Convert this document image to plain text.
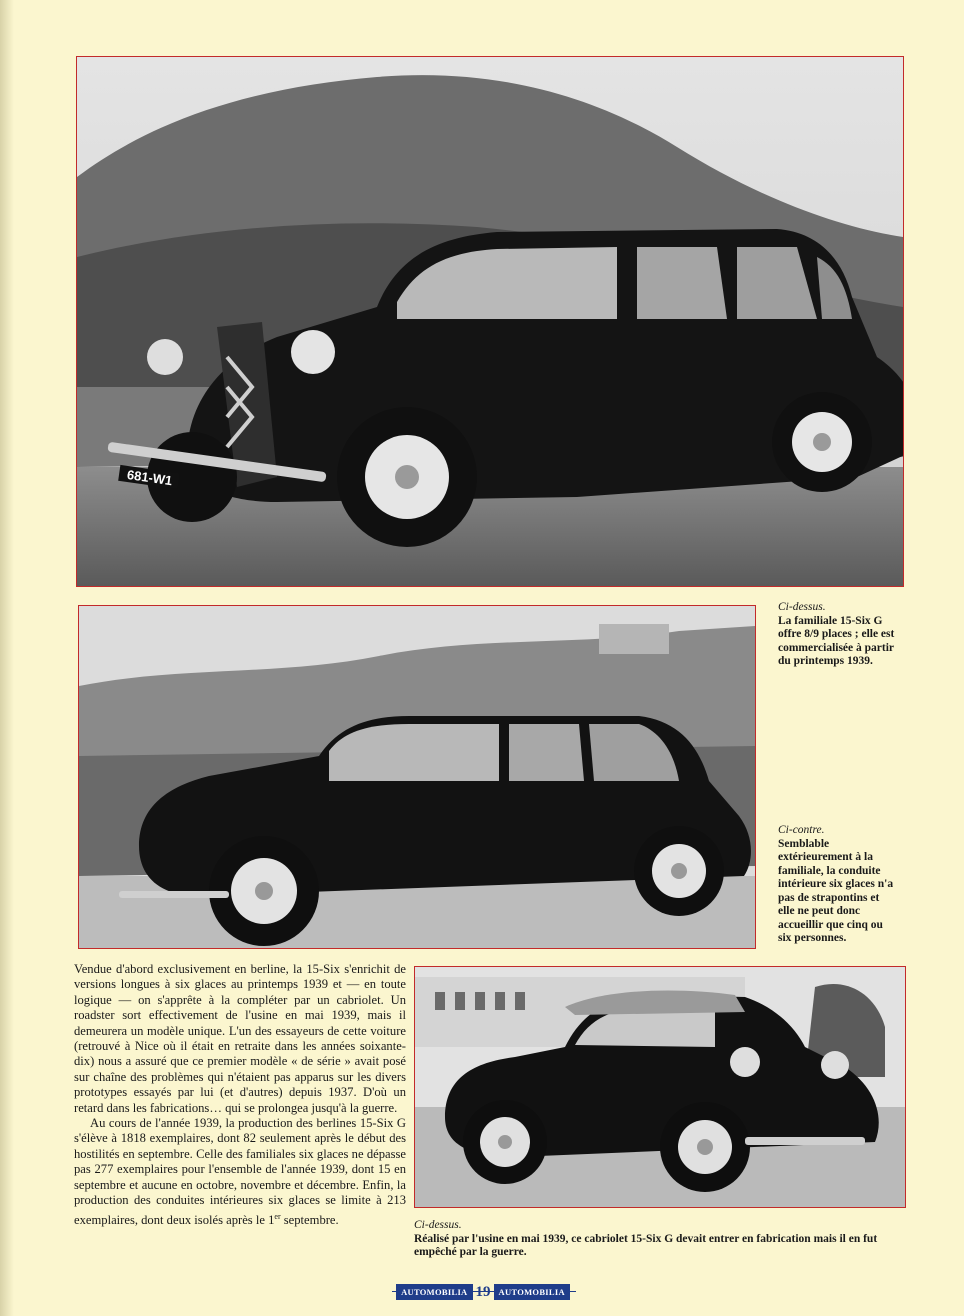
681-W1
Ci-dessus.
La familiale 15-Six G offre 8/9 places ; elle est commercialisée à partir du printemps 1939.
Ci-contre.
Semblable extérieurement à la familiale, la conduite intérieure six glaces n'a pas de strapontins et elle ne peut donc accueillir que cinq ou six personnes.
Ci-dessus.
Réalisé par l'usine en mai 1939, ce cabriolet 15-Six G devait entrer en fabrication mais il en fut empêché par la guerre.

Vendue d'abord exclusivement en berline, la 15-Six s'enrichit de versions longues à six glaces au printemps 1939 et — en toute logique — on s'apprête à la compléter par un cabriolet. Un roadster sort effectivement de l'usine en mai 1939, mais il demeurera un modèle unique. L'un des essayeurs de cette voiture (retrouvé à Nice où il était en retraite dans les années soixante-dix) nous a assuré que ce premier modèle « de série » avait posé sur chaîne des problèmes qui n'étaient pas apparus sur les divers prototypes essayés par lui (et d'autres) depuis 1937. D'où un retard dans les fabrications… qui se prolongea jusqu'à la guerre.

Au cours de l'année 1939, la production des berlines 15-Six G s'élève à 1818 exemplaires, dont 82 seulement après le début des hostilités en septembre. Celle des familiales six glaces ne dépasse pas 277 exemplaires pour l'ensemble de l'année 1939, dont 15 en septembre et aucune en octobre, novembre et décembre. Enfin, la production des conduites intérieures six glaces se limite à 213 exemplaires, dont deux isolés après le 1er septembre.

AUTOMOBILIA 19 AUTOMOBILIA
